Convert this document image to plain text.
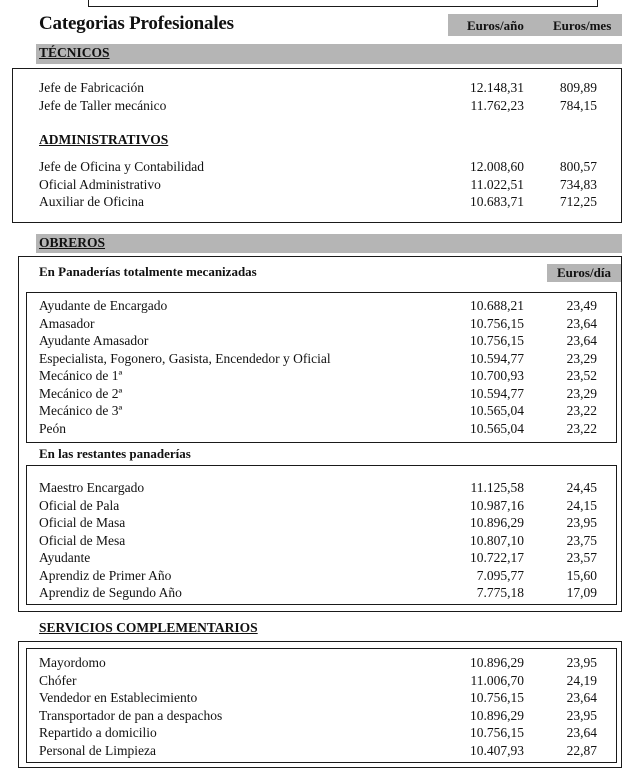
Categorias Profesionales	Euros/año Euros/mes
TÉCNICOS
Jefe de Fabricación	12.148,31	809,89
Jefe de Taller mecánico	11.762,23	784,15
ADMINISTRATIVOS
Jefe de Oficina y Contabilidad	12.008,60	800,57
Oficial Administrativo	11.022,51	734,83
Auxiliar de Oficina	10.683,71	712,25
OBREROS
En Panaderías totalmente mecanizadas	Euros/día
Ayudante de Encargado	10.688,21	23,49
Amasador	10.756,15	23,64
Ayudante Amasador	10.756,15	23,64
Especialista, Fogonero, Gasista, Encendedor y Oficial	10.594,77	23,29
Mecánico de 1ª	10.700,93	23,52
Mecánico de 2ª	10.594,77	23,29
Mecánico de 3ª	10.565,04	23,22
Peón	10.565,04	23,22
En las restantes panaderías
Maestro Encargado	11.125,58	24,45
Oficial de Pala	10.987,16	24,15
Oficial de Masa	10.896,29	23,95
Oficial de Mesa	10.807,10	23,75
Ayudante	10.722,17	23,57
Aprendiz de Primer Año	7.095,77	15,60
Aprendiz de Segundo Año	7.775,18	17,09
SERVICIOS COMPLEMENTARIOS
Mayordomo	10.896,29	23,95
Chófer	11.006,70	24,19
Vendedor en Establecimiento	10.756,15	23,64
Transportador de pan a despachos	10.896,29	23,95
Repartido a domicilio	10.756,15	23,64
Personal de Limpieza	10.407,93	22,87
